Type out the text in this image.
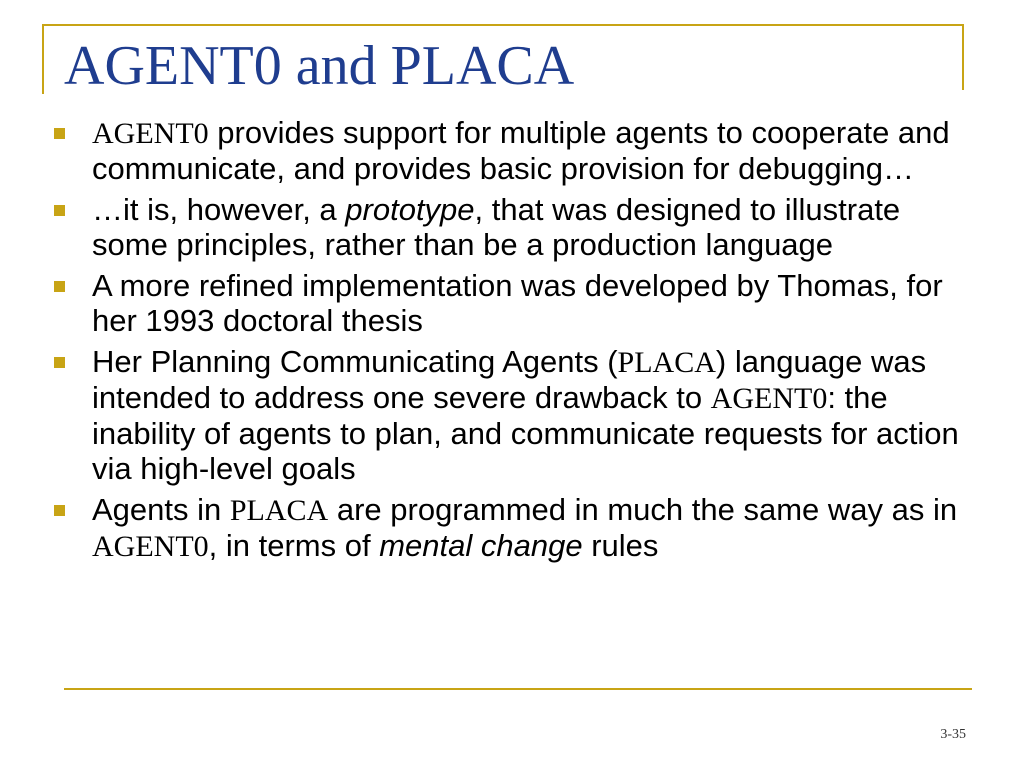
AGENT0 and PLACA
AGENT0 provides support for multiple agents to cooperate and communicate, and provides basic provision for debugging…
…it is, however, a prototype, that was designed to illustrate some principles, rather than be a production language
A more refined implementation was developed by Thomas, for her 1993 doctoral thesis
Her Planning Communicating Agents (PLACA) language was intended to address one severe drawback to AGENT0: the inability of agents to plan, and communicate requests for action via high-level goals
Agents in PLACA are programmed in much the same way as in AGENT0, in terms of mental change rules
3-35
